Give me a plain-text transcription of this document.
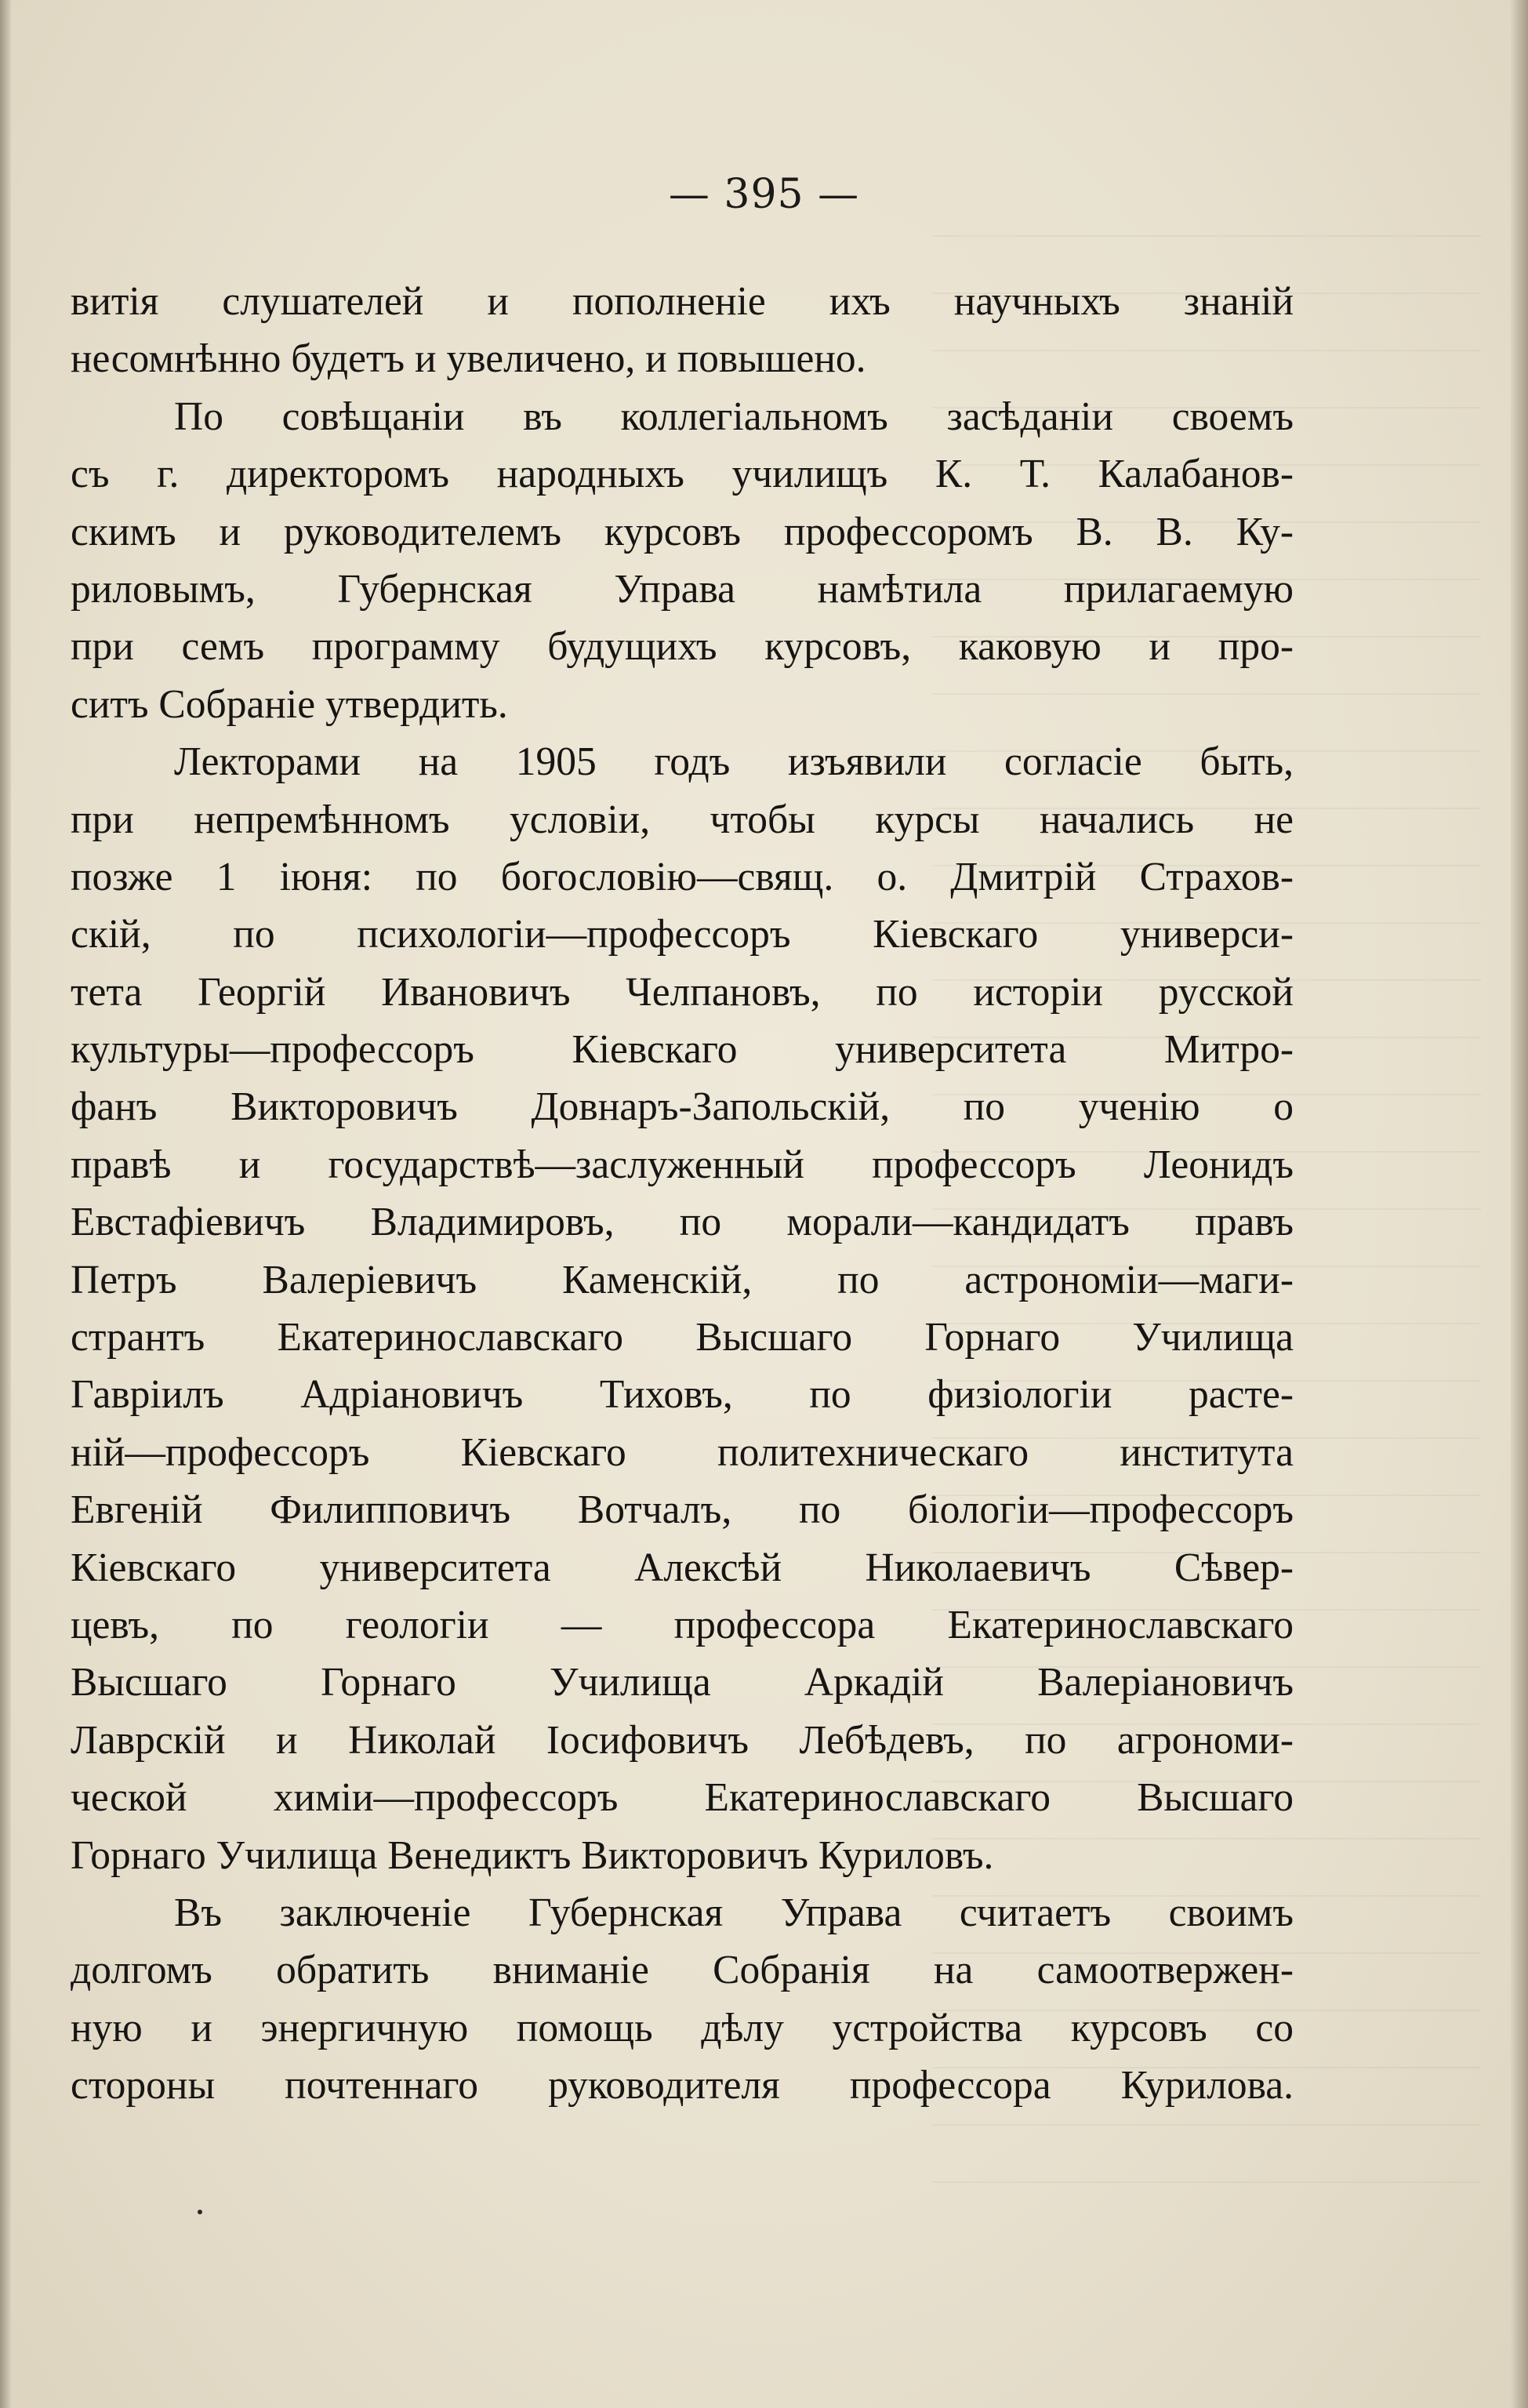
— 395 —
витія слушателей и пополненіе ихъ научныхъ знаній
несомнѣнно будетъ и увеличено, и повышено.
По совѣщаніи въ коллегіальномъ засѣданіи своемъ
съ г. директоромъ народныхъ училищъ К. Т. Калабанов-
скимъ и руководителемъ курсовъ профессоромъ В. В. Ку-
риловымъ, Губернская Управа намѣтила прилагаемую
при семъ программу будущихъ курсовъ, каковую и про-
ситъ Собраніе утвердить.
Лекторами на 1905 годъ изъявили согласіе быть,
при непремѣнномъ условіи, чтобы курсы начались не
позже 1 іюня: по богословію—свящ. о. Дмитрій Страхов-
скій, по психологіи—профессоръ Кіевскаго универси-
тета Георгій Ивановичъ Челпановъ, по исторіи русской
культуры—профессоръ Кіевскаго университета Митро-
фанъ Викторовичъ Довнаръ-Запольскій, по ученію о
правѣ и государствѣ—заслуженный профессоръ Леонидъ
Евстафіевичъ Владимировъ, по морали—кандидатъ правъ
Петръ Валеріевичъ Каменскій, по астрономіи—маги-
странтъ Екатеринославскаго Высшаго Горнаго Училища
Гавріилъ Адріановичъ Тиховъ, по физіологіи расте-
ній—профессоръ Кіевскаго политехническаго института
Евгеній Филипповичъ Вотчалъ, по біологіи—профессоръ
Кіевскаго университета Алексѣй Николаевичъ Сѣвер-
цевъ, по геологіи — профессора Екатеринославскаго
Высшаго Горнаго Училища Аркадій Валеріановичъ
Лаврскій и Николай Іосифовичъ Лебѣдевъ, по агрономи-
ческой химіи—профессоръ Екатеринославскаго Высшаго
Горнаго Училища Венедиктъ Викторовичъ Куриловъ.
Въ заключеніе Губернская Управа считаетъ своимъ
долгомъ обратить вниманіе Собранія на самоотвержен-
ную и энергичную помощь дѣлу устройства курсовъ со
стороны почтеннаго руководителя профессора Курилова.
